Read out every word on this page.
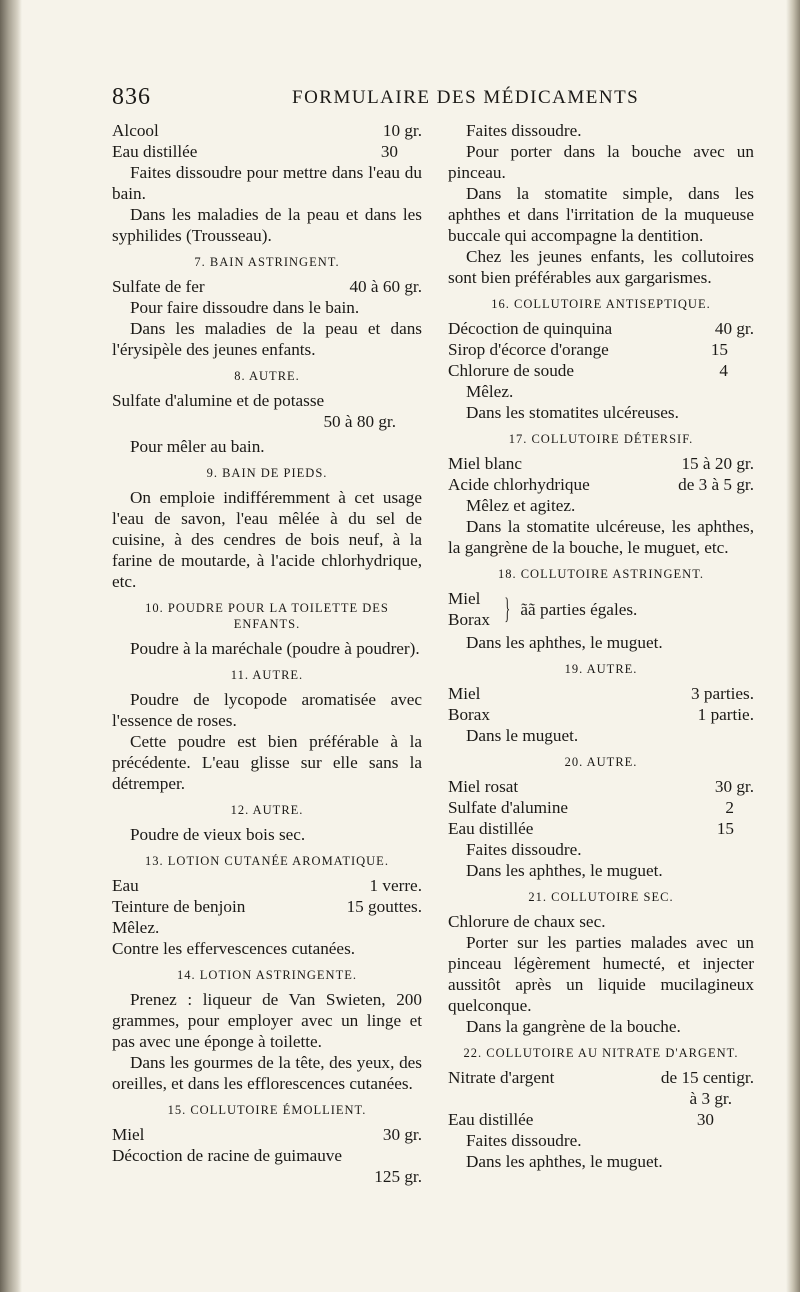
836	FORMULAIRE DES MÉDICAMENTS
Alcool	10 gr.
Eau distillée	30

Faites dissoudre pour mettre dans l'eau du bain.

Dans les maladies de la peau et dans les syphilides (Trousseau).

7. BAIN ASTRINGENT.
Sulfate de fer	40 à 60 gr.

Pour faire dissoudre dans le bain.

Dans les maladies de la peau et dans l'érysipèle des jeunes enfants.

8. AUTRE.

Sulfate d'alumine et de potasse

50 à 80 gr.

Pour mêler au bain.

9. BAIN DE PIEDS.

On emploie indifféremment à cet usage l'eau de savon, l'eau mêlée à du sel de cuisine, à des cendres de bois neuf, à la farine de moutarde, à l'acide chlorhydrique, etc.

10. POUDRE POUR LA TOILETTE DES
ENFANTS.

Poudre à la maréchale (poudre à poudrer).

11. AUTRE.

Poudre de lycopode aromatisée avec l'essence de roses.

Cette poudre est bien préférable à la précédente. L'eau glisse sur elle sans la détremper.

12. AUTRE.

Poudre de vieux bois sec.

13. LOTION CUTANÉE AROMATIQUE.
Eau	1 verre.
Teinture de benjoin	15 gouttes.

Mêlez.

Contre les effervescences cutanées.

14. LOTION ASTRINGENTE.

Prenez : liqueur de Van Swieten, 200 grammes, pour employer avec un linge et pas avec une éponge à toilette.

Dans les gourmes de la tête, des yeux, des oreilles, et dans les efflorescences cutanées.

15. COLLUTOIRE ÉMOLLIENT.
Miel	30 gr.

Décoction de racine de guimauve

125 gr.

Faites dissoudre.

Pour porter dans la bouche avec un pinceau.

Dans la stomatite simple, dans les aphthes et dans l'irritation de la muqueuse buccale qui accompagne la dentition.

Chez les jeunes enfants, les collutoires sont bien préférables aux gargarismes.

16. COLLUTOIRE ANTISEPTIQUE.
Décoction de quinquina	40 gr.
Sirop d'écorce d'orange	15
Chlorure de soude	4

Mêlez.

Dans les stomatites ulcéreuses.

17. COLLUTOIRE DÉTERSIF.
Miel blanc	15 à 20 gr.
Acide chlorhydrique	de 3 à 5 gr.

Mêlez et agitez.

Dans la stomatite ulcéreuse, les aphthes, la gangrène de la bouche, le muguet, etc.

18. COLLUTOIRE ASTRINGENT.
Miel
Borax } ãã parties égales.

Dans les aphthes, le muguet.

19. AUTRE.
Miel	3 parties.
Borax	1 partie.

Dans le muguet.

20. AUTRE.
Miel rosat	30 gr.
Sulfate d'alumine	2
Eau distillée	15

Faites dissoudre.

Dans les aphthes, le muguet.

21. COLLUTOIRE SEC.

Chlorure de chaux sec.

Porter sur les parties malades avec un pinceau légèrement humecté, et injecter aussitôt après un liquide mucilagineux quelconque.

Dans la gangrène de la bouche.

22. COLLUTOIRE AU NITRATE D'ARGENT.
Nitrate d'argent	de 15 centigr.

à 3 gr.

Eau distillée	30

Faites dissoudre.

Dans les aphthes, le muguet.
